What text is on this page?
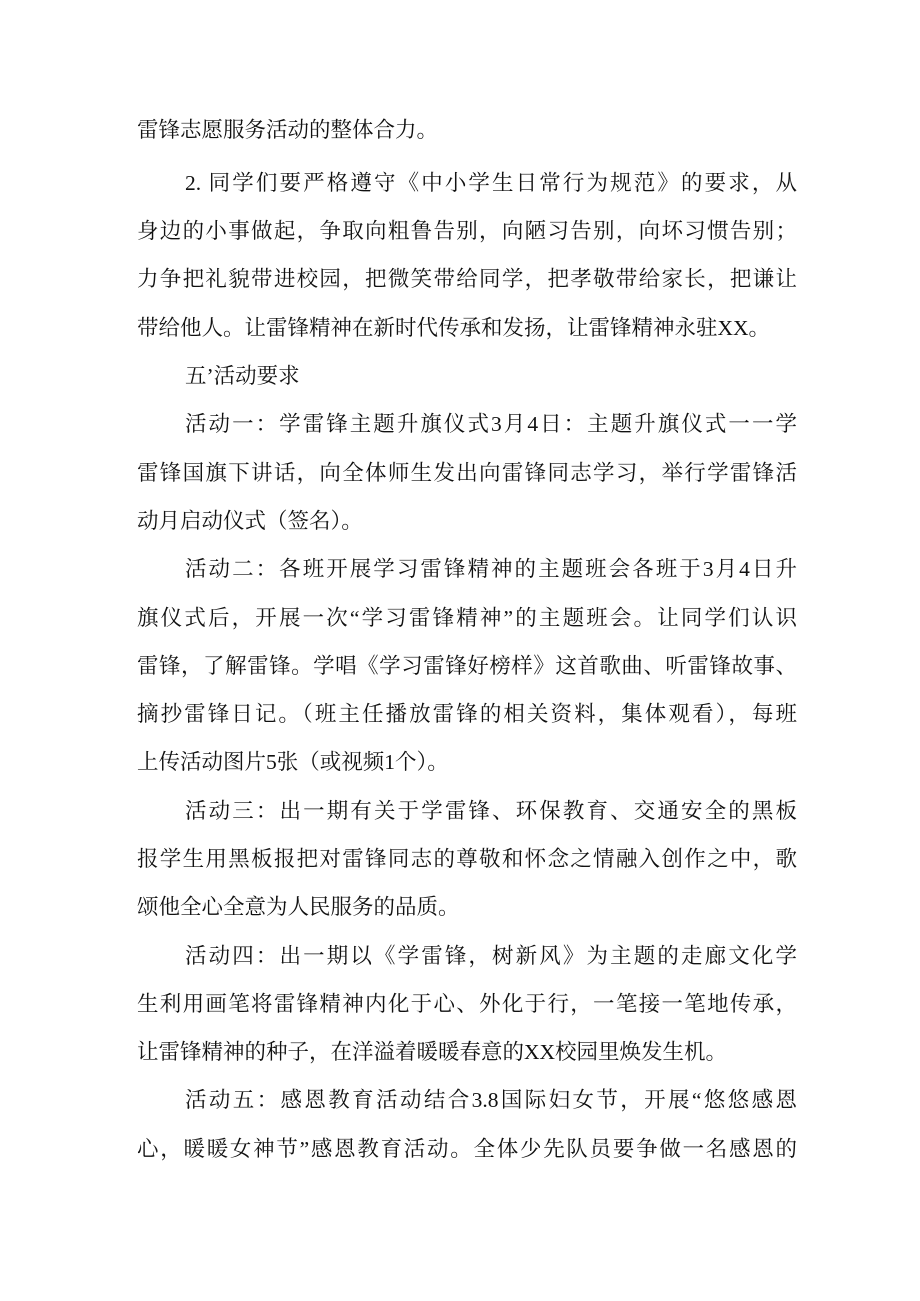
雷锋志愿服务活动的整体合力。
2. 同学们要严格遵守《中小学生日常行为规范》的要求，从
身边的小事做起，争取向粗鲁告别，向陋习告别，向坏习惯告别；
力争把礼貌带进校园，把微笑带给同学，把孝敬带给家长，把谦让
带给他人。让雷锋精神在新时代传承和发扬，让雷锋精神永驻XX。
五’活动要求
活动一：学雷锋主题升旗仪式3月4日：主题升旗仪式一一学
雷锋国旗下讲话，向全体师生发出向雷锋同志学习，举行学雷锋活
动月启动仪式（签名）。
活动二：各班开展学习雷锋精神的主题班会各班于3月4日升
旗仪式后，开展一次“学习雷锋精神”的主题班会。让同学们认识
雷锋，了解雷锋。学唱《学习雷锋好榜样》这首歌曲、听雷锋故事、
摘抄雷锋日记。（班主任播放雷锋的相关资料，集体观看），每班
上传活动图片5张（或视频1个）。
活动三：出一期有关于学雷锋、环保教育、交通安全的黑板
报学生用黑板报把对雷锋同志的尊敬和怀念之情融入创作之中，歌
颂他全心全意为人民服务的品质。
活动四：出一期以《学雷锋，树新风》为主题的走廊文化学
生利用画笔将雷锋精神内化于心、外化于行，一笔接一笔地传承，
让雷锋精神的种子，在洋溢着暖暖春意的XX校园里焕发生机。
活动五：感恩教育活动结合3.8国际妇女节，开展“悠悠感恩
心，暖暖女神节”感恩教育活动。全体少先队员要争做一名感恩的
